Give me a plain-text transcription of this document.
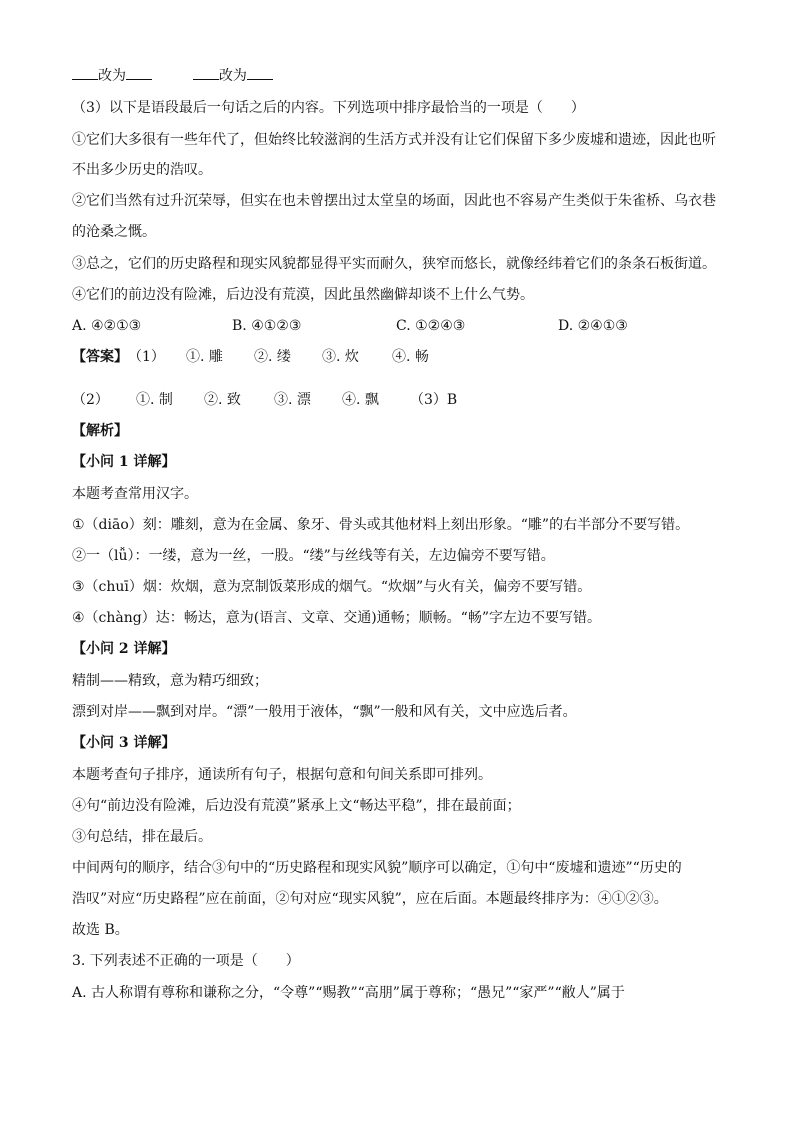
改为	改为
（3）以下是语段最后一句话之后的内容。下列选项中排序最恰当的一项是（　　）
①它们大多很有一些年代了，但始终比较滋润的生活方式并没有让它们保留下多少废墟和遗迹，因此也听
不出多少历史的浩叹。
②它们当然有过升沉荣辱，但实在也未曾摆出过太堂皇的场面，因此也不容易产生类似于朱雀桥、乌衣巷
的沧桑之慨。
③总之，它们的历史路程和现实风貌都显得平实而耐久，狭窄而悠长，就像经纬着它们的条条石板街道。
④它们的前边没有险滩，后边没有荒漠，因此虽然幽僻却谈不上什么气势。
A. ④②①③	B. ④①②③	C. ①②④③	D. ②④①③
【答案】 （1） ①. 雕 ②. 缕 ③. 炊 ④. 畅
（2） ①. 制 ②. 致 ③. 漂 ④. 飘 （3）B
【解析】
【小问 1 详解】
本题考查常用汉字。
①（diāo）刻：雕刻，意为在金属、象牙、骨头或其他材料上刻出形象。“雕”的右半部分不要写错。
②一（lǚ）：一缕，意为一丝，一股。“缕”与丝线等有关，左边偏旁不要写错。
③（chuī）烟：炊烟，意为烹制饭菜形成的烟气。“炊烟”与火有关，偏旁不要写错。
④（chàng）达：畅达，意为(语言、文章、交通)通畅；顺畅。“畅”字左边不要写错。
【小问 2 详解】
精制——精致，意为精巧细致；
漂到对岸——飘到对岸。“漂”一般用于液体，“飘”一般和风有关，文中应选后者。
【小问 3 详解】
本题考查句子排序，通读所有句子，根据句意和句间关系即可排列。
④句“前边没有险滩，后边没有荒漠”紧承上文“畅达平稳”，排在最前面；
③句总结，排在最后。
中间两句的顺序，结合③句中的“历史路程和现实风貌”顺序可以确定，①句中“废墟和遗迹”“历史的
浩叹”对应“历史路程”应在前面，②句对应“现实风貌”，应在后面。本题最终排序为：④①②③。
故选 B。
3. 下列表述不正确的一项是（　　）
A. 古人称谓有尊称和谦称之分，“令尊”“赐教”“高朋”属于尊称；“愚兄”“家严”“敝人”属于
